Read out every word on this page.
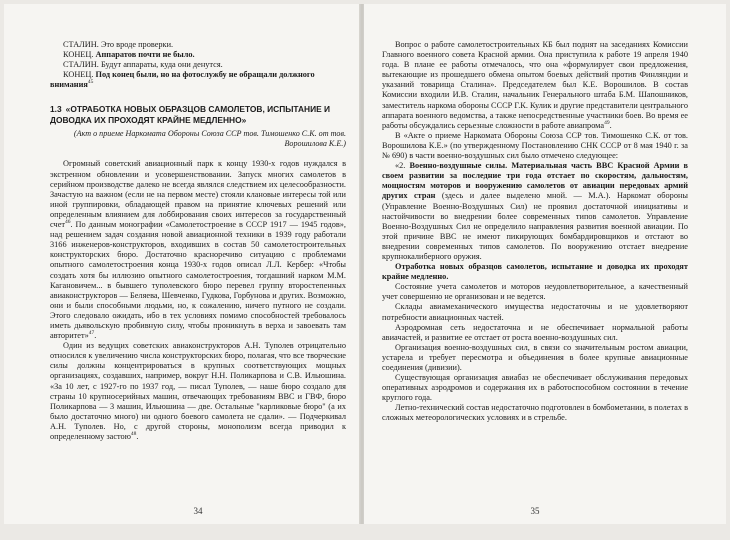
СТАЛИН. Это вроде проверки.

КОНЕЦ. Аппаратов почти не было.

СТАЛИН. Будут аппараты, куда они денутся.

КОНЕЦ. Под конец были, но на фотослужбу не обращали должного внимания$^{45}$

1.3 «ОТРАБОТКА НОВЫХ ОБРАЗЦОВ САМОЛЕТОВ, ИСПЫТАНИЕ И ДОВОДКА ИХ ПРОХОДЯТ КРАЙНЕ МЕДЛЕННО»

(Акт о приеме Наркомата Обороны Союза ССР тов. Тимошенко С.К. от тов. Ворошилова К.Е.)

Огромный советский авиационный парк к концу 1930-х годов нуждался в экстренном обновлении и усовершенствовании. Запуск многих самолетов в серийном производстве далеко не всегда являлся следствием их целесообразности. Зачастую на важном (если не на первом месте) стояли клановые интересы той или иной группировки, обладающей правом на принятие ключевых решений или определенным влиянием для лоббирования своих интересов за государственный счет$^{46}$. По данным монографии «Самолетостроение в СССР 1917 — 1945 годов», над решением задач создания новой авиационной техники в 1939 году работали 3166 инженеров-конструкторов, входивших в состав 50 самолетостроительных конструкторских бюро. Достаточно красноречиво ситуацию с проблемами опытного самолетостроения конца 1930-х годов описал Л.Л. Кербер: «Чтобы создать хотя бы иллюзию опытного самолетостроения, тогдашний нарком М.М. Кагановичем... в бывшего туполевского бюро перевел группу второстепенных авиаконструкторов — Беляева, Шевченко, Гудкова, Горбунова и других. Возможно, они и были способными людьми, но, к сожалению, ничего путного не создали. Этого следовало ожидать, ибо в тех условиях помимо способностей требовалось иметь дьявольскую пробивную силу, чтобы проникнуть в верха и завоевать там авторитет»$^{47}$.

Один из ведущих советских авиаконструкторов А.Н. Туполев отрицательно относился к увеличению числа конструкторских бюро, полагая, что все творческие силы должны концентрироваться в крупных соответствующих мощных организациях, создавших, например, вокруг Н.Н. Поликарпова и С.В. Ильюшина. «За 10 лет, с 1927-го по 1937 год, — писал Туполев, — наше бюро создало для страны 10 крупносерийных машин, отвечающих требованиям ВВС и ГВФ, бюро Поликарпова — 3 машин, Ильюшина — две. Остальные "карликовые бюро" (а их было достаточно много) ни одного боевого самолета не сдали». — Подчеркивал А.Н. Туполев. Но, с другой стороны, монополизм всегда приводил к определенному застою$^{48}$.

34

Вопрос о работе самолетостроительных КБ был поднят на заседаниях Комиссии Главного военного совета Красной армии. Она приступила к работе 19 апреля 1940 года. В плане ее работы отмечалось, что она «формулирует свои предложения, вытекающие из прошедшего обмена опытом боевых действий против Финляндии и указаний товарища Сталина». Председателем был К.Е. Ворошилов. В состав Комиссии входили И.В. Сталин, начальник Генерального штаба Б.М. Шапошников, заместитель наркома обороны СССР Г.К. Кулик и другие представители центрального аппарата военного ведомства, а также непосредственные участники боев. Во время ее работы обсуждались серьезные сложности в работе авиапрома$^{49}$.

В «Акте о приеме Наркомата Обороны Союза ССР тов. Тимошенко С.К. от тов. Ворошилова К.Е.» (по утвержденному Постановлению СНК СССР от 8 мая 1940 г. за № 690) в части военно-воздушных сил было отмечено следующее:

«2. Военно-воздушные силы. Материальная часть ВВС Красной Армии в своем развитии за последние три года отстает по скоростям, дальностям, мощностям моторов и вооружению самолетов от авиации передовых армий других стран (здесь и далее выделено мной. — М.А.). Наркомат обороны (Управление Военно-Воздушных Сил) не проявил достаточной инициативы и настойчивости во внедрении более современных типов самолетов. Управление Военно-Воздушных Сил не определило направления развития военной авиации. По этой причине ВВС не имеют пикирующих бомбардировщиков и отстают во внедрении современных типов самолетов. По вооружению отстает внедрение крупнокалиберного оружия.

Отработка новых образцов самолетов, испытание и доводка их проходят крайне медленно.

Состояние учета самолетов и моторов неудовлетворительное, а качественный учет совершенно не организован и не ведется.

Склады авиамеханического имущества недостаточны и не удовлетворяют потребности авиационных частей.

Аэродромная сеть недостаточна и не обеспечивает нормальной работы авиачастей, и развитие ее отстает от роста военно-воздушных сил.

Организация военно-воздушных сил, в связи со значительным ростом авиации, устарела и требует пересмотра и объединения в более крупные авиационные соединения (дивизии).

Существующая организация авиабаз не обеспечивает обслуживания передовых оперативных аэродромов и содержания их в работоспособном состоянии в течение круглого года.

Летно-технический состав недостаточно подготовлен в бомбометании, в полетах в сложных метеорологических условиях и в стрельбе.

35
